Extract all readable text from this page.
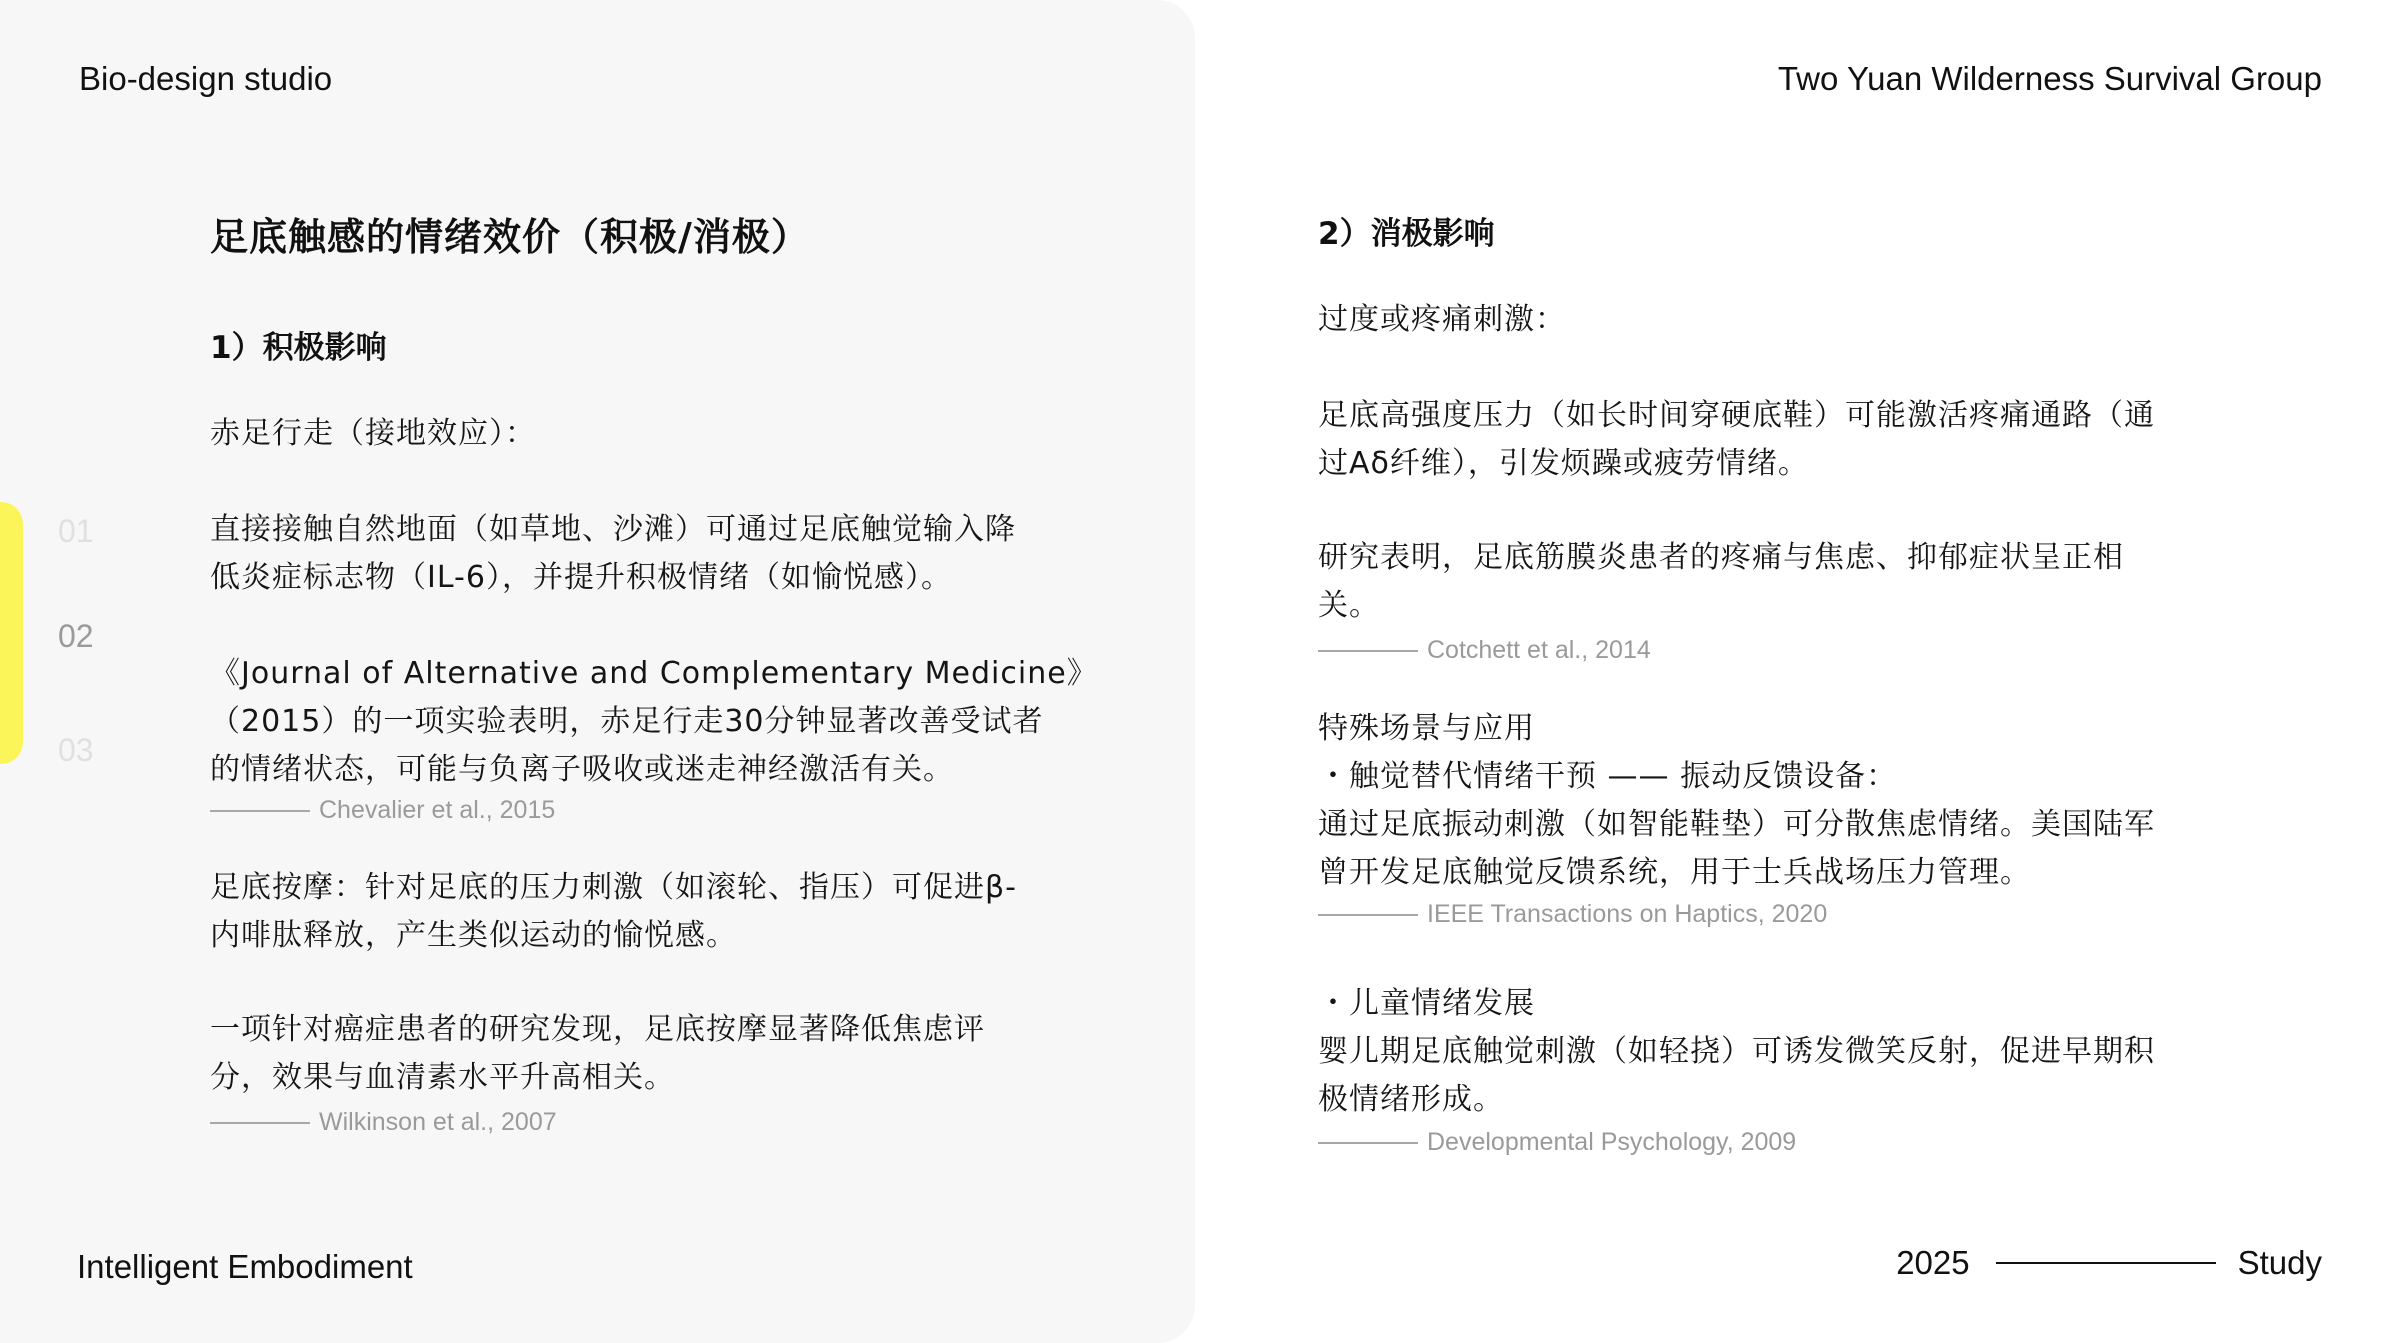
01
02
03
Bio-design studio	Two Yuan Wilderness Survival Group
Intelligent Embodiment	2025	Study
足底触感的情绪效价（积极/消极）
1）积极影响
赤足行走（接地效应）：
直接接触自然地面（如草地、沙滩）可通过足底触觉输入降
低炎症标志物（IL-6），并提升积极情绪（如愉悦感）。
《Journal of Alternative and Complementary Medicine》
（2015）的一项实验表明，赤足行走30分钟显著改善受试者
的情绪状态，可能与负离子吸收或迷走神经激活有关。
Chevalier et al., 2015
足底按摩：针对足底的压力刺激（如滚轮、指压）可促进β-
内啡肽释放，产生类似运动的愉悦感。
一项针对癌症患者的研究发现，足底按摩显著降低焦虑评
分，效果与血清素水平升高相关。
Wilkinson et al., 2007
2）消极影响
过度或疼痛刺激：
足底高强度压力（如长时间穿硬底鞋）可能激活疼痛通路（通
过Aδ纤维），引发烦躁或疲劳情绪。
研究表明，足底筋膜炎患者的疼痛与焦虑、抑郁症状呈正相
关。
Cotchett et al., 2014
特殊场景与应用
・触觉替代情绪干预 —— 振动反馈设备：
通过足底振动刺激（如智能鞋垫）可分散焦虑情绪。美国陆军
曾开发足底触觉反馈系统，用于士兵战场压力管理。
IEEE Transactions on Haptics, 2020
・儿童情绪发展
婴儿期足底触觉刺激（如轻挠）可诱发微笑反射，促进早期积
极情绪形成。
Developmental Psychology, 2009
